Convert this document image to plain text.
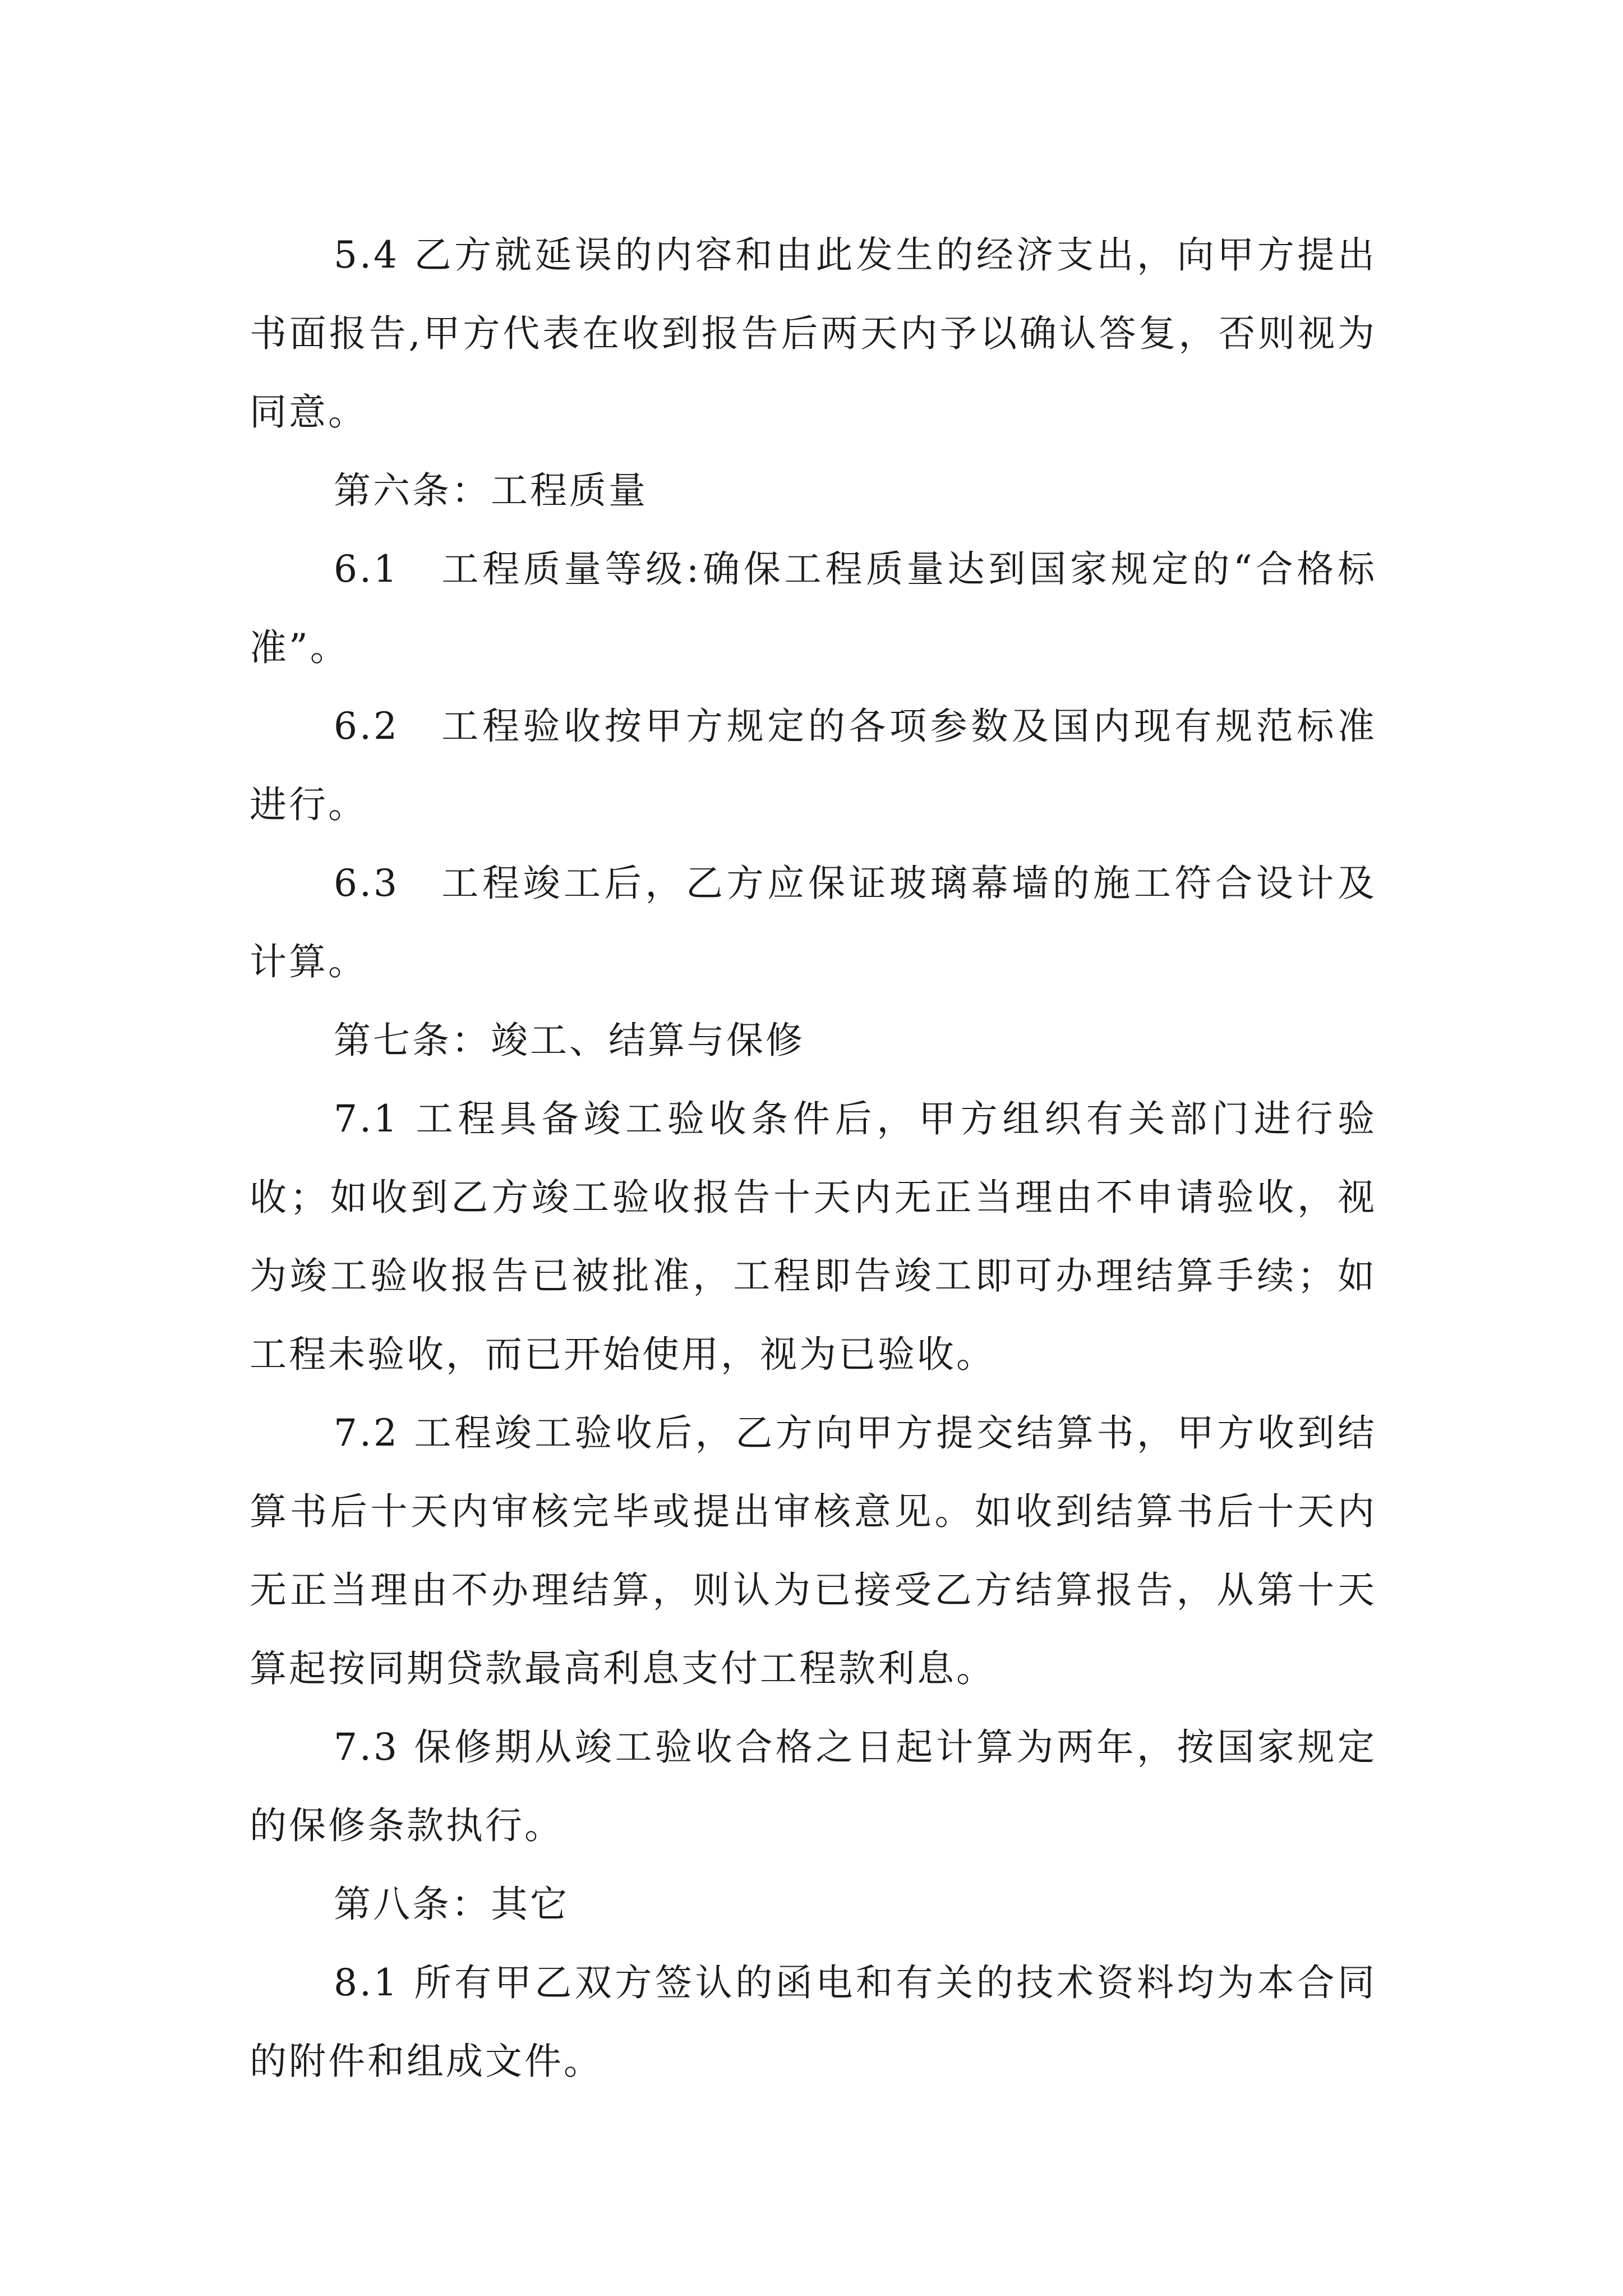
5.4 乙方就延误的内容和由此发生的经济支出，向甲方提出书面报告,甲方代表在收到报告后两天内予以确认答复，否则视为同意。

第六条：工程质量

6.1　工程质量等级:确保工程质量达到国家规定的“合格标准”。

6.2　工程验收按甲方规定的各项参数及国内现有规范标准进行。

6.3　工程竣工后，乙方应保证玻璃幕墙的施工符合设计及计算。

第七条：竣工、结算与保修

7.1 工程具备竣工验收条件后，甲方组织有关部门进行验收；如收到乙方竣工验收报告十天内无正当理由不申请验收，视为竣工验收报告已被批准，工程即告竣工即可办理结算手续；如工程未验收，而已开始使用，视为已验收。

7.2 工程竣工验收后，乙方向甲方提交结算书，甲方收到结算书后十天内审核完毕或提出审核意见。如收到结算书后十天内无正当理由不办理结算，则认为已接受乙方结算报告，从第十天算起按同期贷款最高利息支付工程款利息。

7.3 保修期从竣工验收合格之日起计算为两年，按国家规定的保修条款执行。

第八条：其它

8.1 所有甲乙双方签认的函电和有关的技术资料均为本合同的附件和组成文件。
